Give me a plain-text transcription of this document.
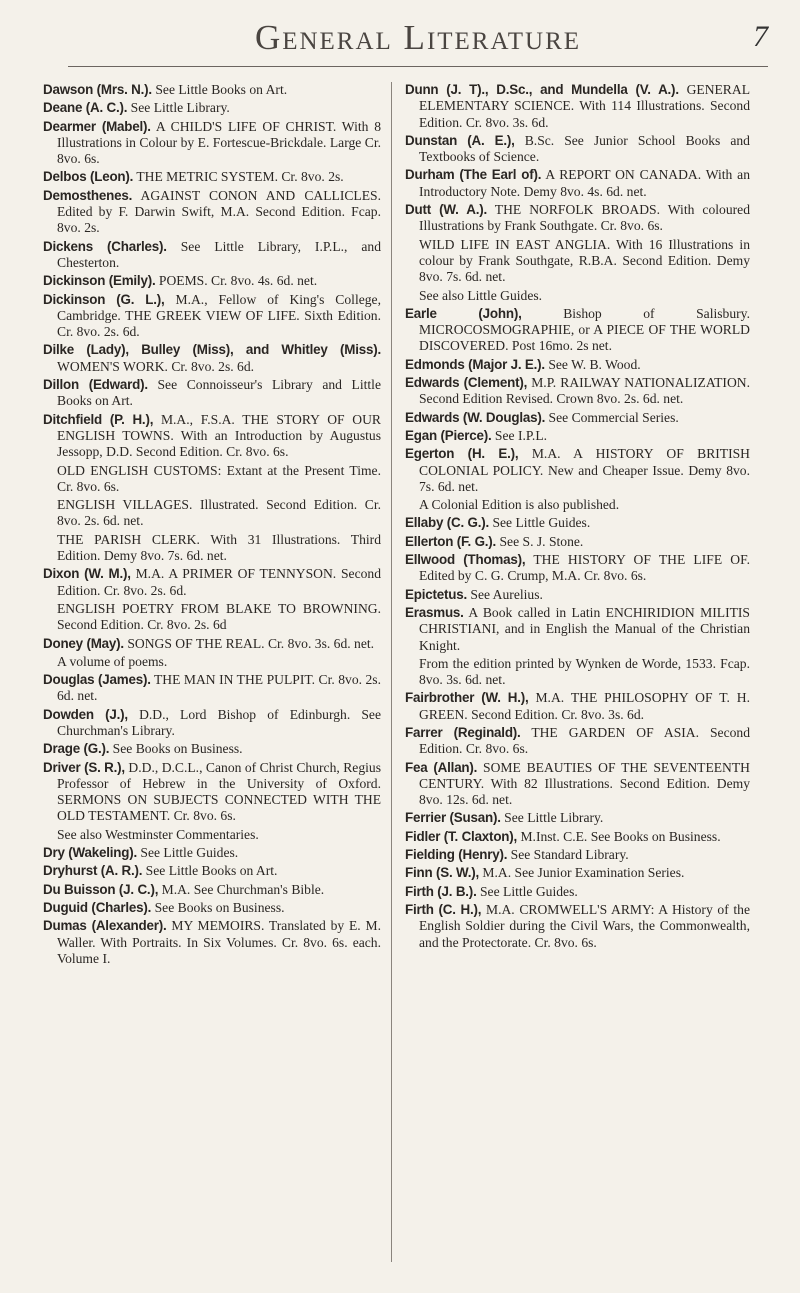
General Literature	7

Dawson (Mrs. N.). See Little Books on Art.

Deane (A. C.). See Little Library.

Dearmer (Mabel). A CHILD'S LIFE OF CHRIST. With 8 Illustrations in Colour by E. Fortescue-Brickdale. Large Cr. 8vo. 6s.

Delbos (Leon). THE METRIC SYSTEM. Cr. 8vo. 2s.

Demosthenes. AGAINST CONON AND CALLICLES. Edited by F. Darwin Swift, M.A. Second Edition. Fcap. 8vo. 2s.

Dickens (Charles). See Little Library, I.P.L., and Chesterton.

Dickinson (Emily). POEMS. Cr. 8vo. 4s. 6d. net.

Dickinson (G. L.), M.A., Fellow of King's College, Cambridge. THE GREEK VIEW OF LIFE. Sixth Edition. Cr. 8vo. 2s. 6d.

Dilke (Lady), Bulley (Miss), and Whitley (Miss). WOMEN'S WORK. Cr. 8vo. 2s. 6d.

Dillon (Edward). See Connoisseur's Library and Little Books on Art.

Ditchfield (P. H.), M.A., F.S.A. THE STORY OF OUR ENGLISH TOWNS. With an Introduction by Augustus Jessopp, D.D. Second Edition. Cr. 8vo. 6s.

OLD ENGLISH CUSTOMS: Extant at the Present Time. Cr. 8vo. 6s.

ENGLISH VILLAGES. Illustrated. Second Edition. Cr. 8vo. 2s. 6d. net.

THE PARISH CLERK. With 31 Illustrations. Third Edition. Demy 8vo. 7s. 6d. net.

Dixon (W. M.), M.A. A PRIMER OF TENNYSON. Second Edition. Cr. 8vo. 2s. 6d.

ENGLISH POETRY FROM BLAKE TO BROWNING. Second Edition. Cr. 8vo. 2s. 6d

Doney (May). SONGS OF THE REAL. Cr. 8vo. 3s. 6d. net.

A volume of poems.

Douglas (James). THE MAN IN THE PULPIT. Cr. 8vo. 2s. 6d. net.

Dowden (J.), D.D., Lord Bishop of Edinburgh. See Churchman's Library.

Drage (G.). See Books on Business.

Driver (S. R.), D.D., D.C.L., Canon of Christ Church, Regius Professor of Hebrew in the University of Oxford. SERMONS ON SUBJECTS CONNECTED WITH THE OLD TESTAMENT. Cr. 8vo. 6s.

See also Westminster Commentaries.

Dry (Wakeling). See Little Guides.

Dryhurst (A. R.). See Little Books on Art.

Du Buisson (J. C.), M.A. See Churchman's Bible.

Duguid (Charles). See Books on Business.

Dumas (Alexander). MY MEMOIRS. Translated by E. M. Waller. With Portraits. In Six Volumes. Cr. 8vo. 6s. each. Volume I.

Dunn (J. T)., D.Sc., and Mundella (V. A.). GENERAL ELEMENTARY SCIENCE. With 114 Illustrations. Second Edition. Cr. 8vo. 3s. 6d.

Dunstan (A. E.), B.Sc. See Junior School Books and Textbooks of Science.

Durham (The Earl of). A REPORT ON CANADA. With an Introductory Note. Demy 8vo. 4s. 6d. net.

Dutt (W. A.). THE NORFOLK BROADS. With coloured Illustrations by Frank Southgate. Cr. 8vo. 6s.

WILD LIFE IN EAST ANGLIA. With 16 Illustrations in colour by Frank Southgate, R.B.A. Second Edition. Demy 8vo. 7s. 6d. net.

See also Little Guides.

Earle (John), Bishop of Salisbury. MICROCOSMOGRAPHIE, or A PIECE OF THE WORLD DISCOVERED. Post 16mo. 2s net.

Edmonds (Major J. E.). See W. B. Wood.

Edwards (Clement), M.P. RAILWAY NATIONALIZATION. Second Edition Revised. Crown 8vo. 2s. 6d. net.

Edwards (W. Douglas). See Commercial Series.

Egan (Pierce). See I.P.L.

Egerton (H. E.), M.A. A HISTORY OF BRITISH COLONIAL POLICY. New and Cheaper Issue. Demy 8vo. 7s. 6d. net.

A Colonial Edition is also published.

Ellaby (C. G.). See Little Guides.

Ellerton (F. G.). See S. J. Stone.

Ellwood (Thomas), THE HISTORY OF THE LIFE OF. Edited by C. G. Crump, M.A. Cr. 8vo. 6s.

Epictetus. See Aurelius.

Erasmus. A Book called in Latin ENCHIRIDION MILITIS CHRISTIANI, and in English the Manual of the Christian Knight.

From the edition printed by Wynken de Worde, 1533. Fcap. 8vo. 3s. 6d. net.

Fairbrother (W. H.), M.A. THE PHILOSOPHY OF T. H. GREEN. Second Edition. Cr. 8vo. 3s. 6d.

Farrer (Reginald). THE GARDEN OF ASIA. Second Edition. Cr. 8vo. 6s.

Fea (Allan). SOME BEAUTIES OF THE SEVENTEENTH CENTURY. With 82 Illustrations. Second Edition. Demy 8vo. 12s. 6d. net.

Ferrier (Susan). See Little Library.

Fidler (T. Claxton), M.Inst. C.E. See Books on Business.

Fielding (Henry). See Standard Library.

Finn (S. W.), M.A. See Junior Examination Series.

Firth (J. B.). See Little Guides.

Firth (C. H.), M.A. CROMWELL'S ARMY: A History of the English Soldier during the Civil Wars, the Commonwealth, and the Protectorate. Cr. 8vo. 6s.
